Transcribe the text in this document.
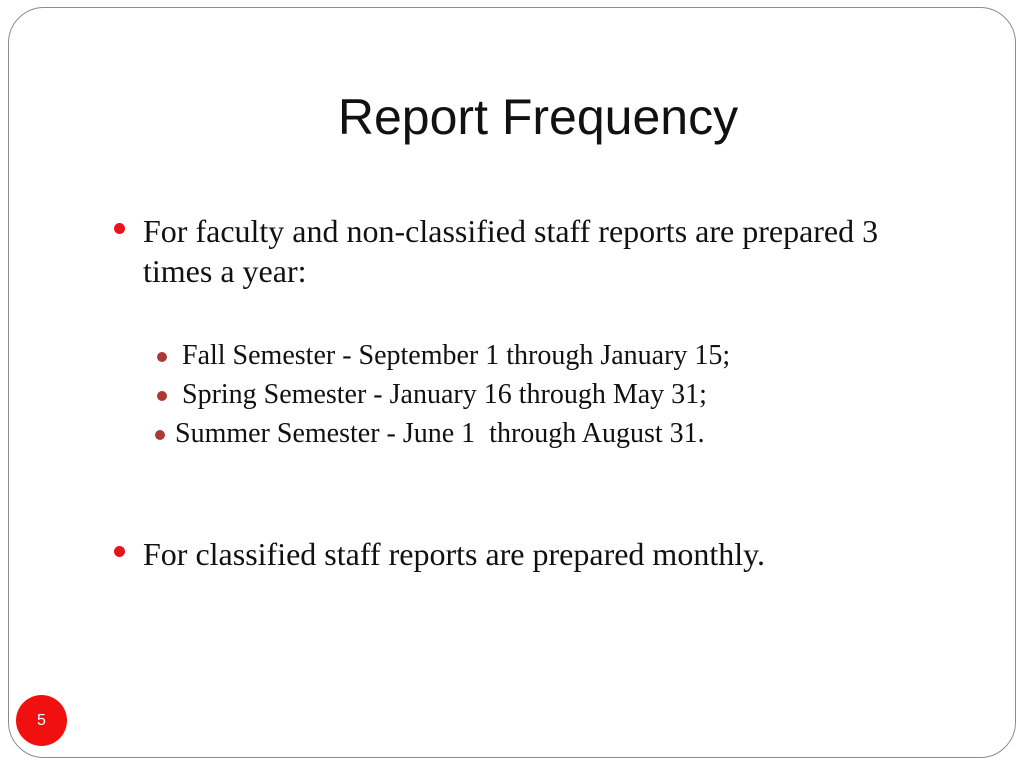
Report Frequency
For faculty and non-classified staff reports are prepared 3
times a year:
Fall Semester - September 1 through January 15;
Spring Semester - January 16 through May 31;
Summer Semester - June 1  through August 31.
For classified staff reports are prepared monthly.
5
